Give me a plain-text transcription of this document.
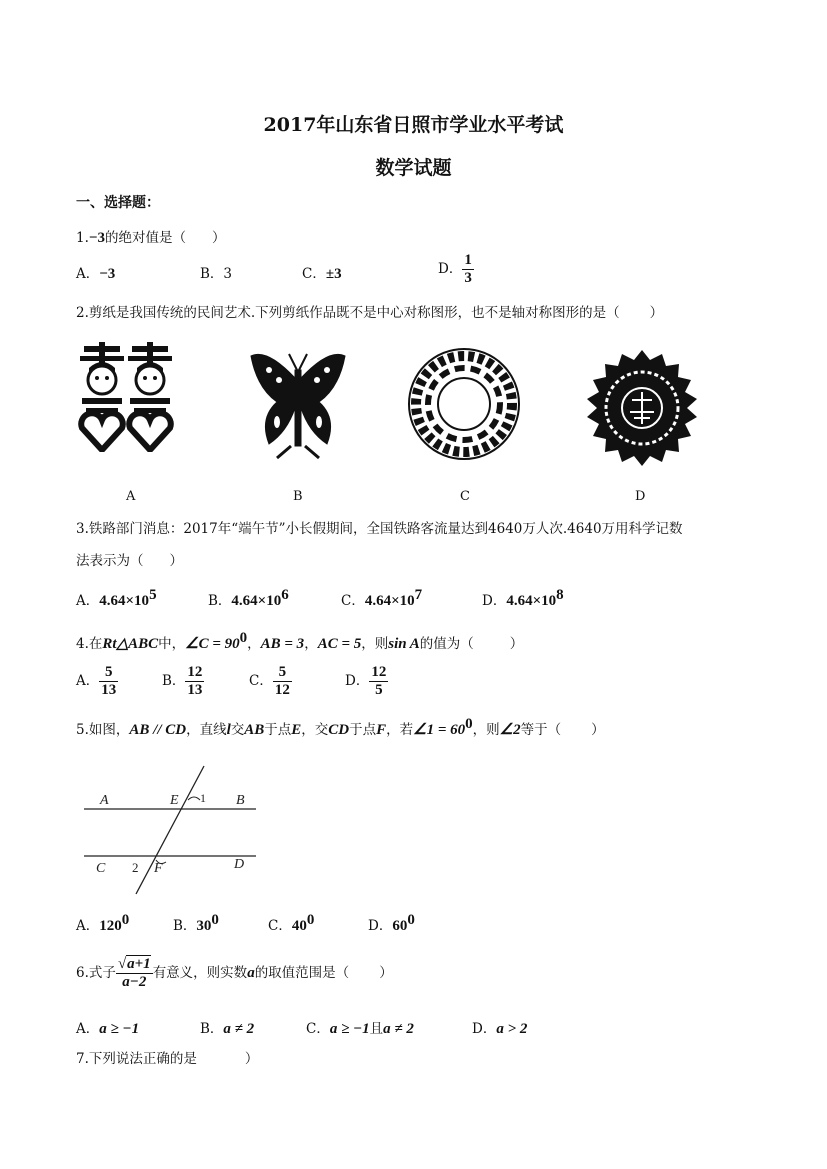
2017年山东省日照市学业水平考试
数学试题
一、选择题：
1.−3的绝对值是（ ）
A．−3	B．3	C．±3	D． $\frac{1}{3}$
2.剪纸是我国传统的民间艺术.下列剪纸作品既不是中心对称图形，也不是轴对称图形的是（ ）
A	B	C	D
3.铁路部门消息：2017年“端午节”小长假期间，全国铁路客流量达到4640万人次.4640万用科学记数
法表示为（ ）
A．$4.64\times 10^5$	B．$4.64\times 10^6$	C．$4.64\times 10^7$	D．$4.64\times 10^8$
4.在Rt△ABC中，∠C = $90^0$，AB = 3，AC = 5，则sin A的值为（	）
A． $\frac{5}{13}$	B． $\frac{12}{13}$	C． $\frac{5}{12}$	D． $\frac{12}{5}$
5.如图，AB // CD，直线l交AB于点E，交CD于点F，若∠1 = $60^0$，则∠2等于（ ）
A	E 1 B
C 2 F	D
A．$120^0$	B．$30^0$	C．$40^0$	D．$60^0$
6.式子 $\frac{√a+1}{a-2}$ 有意义，则实数a的取值范围是（ ）
A．a ≥ −1	B．a ≠ 2	C．a ≥ −1且a ≠ 2	D．a > 2
7.下列说法正确的是	）
